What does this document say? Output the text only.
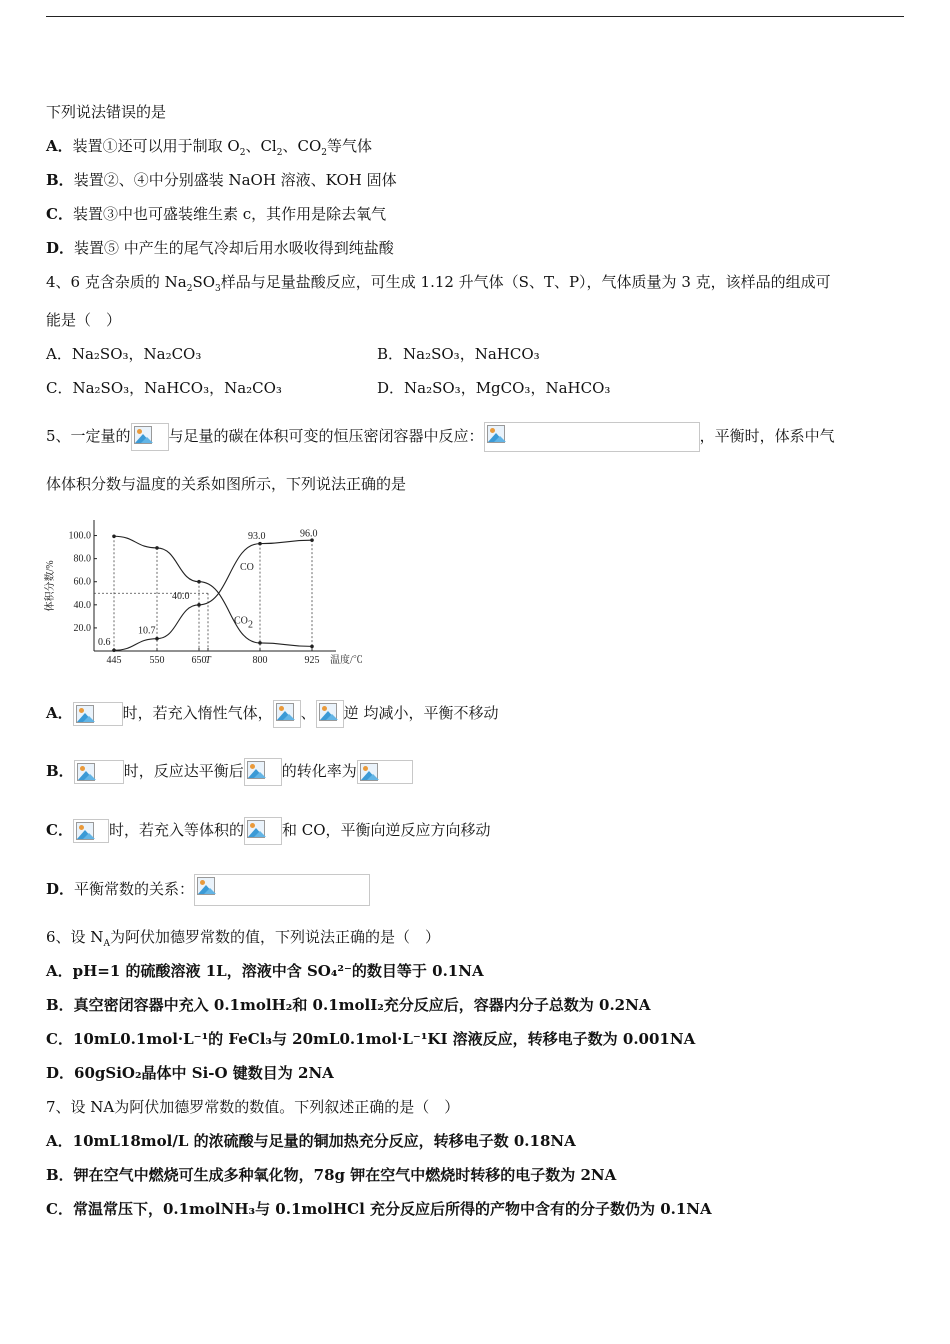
下列说法错误的是
A．装置①还可以用于制取 $O_2$、$Cl_2$、$CO_2$等气体
B．装置②、④中分别盛装 NaOH 溶液、KOH 固体
C．装置③中也可盛装维生素 c，其作用是除去氧气
D．装置⑤ 中产生的尾气冷却后用水吸收得到纯盐酸
4、6 克含杂质的 $Na_2SO_3$样品与足量盐酸反应，可生成 1.12 升气体（S、T、P），气体质量为 3 克，该样品的组成可
能是（　）
A．Na₂SO₃，Na₂CO₃	B．Na₂SO₃，NaHCO₃
C．Na₂SO₃，NaHCO₃，Na₂CO₃	D．Na₂SO₃，MgCO₃，NaHCO₃
5、一定量的	与足量的碳在体积可变的恒压密闭容器中反应：	，平衡时，体系中气
体体积分数与温度的关系如图所示，下列说法正确的是
100.0
80.0
60.0
40.0
20.0
445	550	650
T	800	925 温度/℃
体积分数/%	CO
CO 2
0.6
10.7
40.0
93.0	96.0
A．	时，若充入惰性气体， 、 逆 均减小，平衡不移动
B．	时，反应达平衡后	的转化率为
C． 时，若充入等体积的	和 CO，平衡向逆反应方向移动
D．平衡常数的关系：
6、设 $N_A$为阿伏加德罗常数的值，下列说法正确的是（　）
A．pH=1 的硫酸溶液 1L，溶液中含 SO₄²⁻的数目等于 0.1NA
B．真空密闭容器中充入 0.1molH₂和 0.1molI₂充分反应后，容器内分子总数为 0.2NA
C．10mL0.1mol·L⁻¹的 FeCl₃与 20mL0.1mol·L⁻¹KI 溶液反应，转移电子数为 0.001NA
D．60gSiO₂晶体中 Si-O 键数目为 2NA
7、设 NA为阿伏加德罗常数的数值。下列叙述正确的是（　）
A．10mL18mol/L 的浓硫酸与足量的铜加热充分反应，转移电子数 0.18NA
B．钾在空气中燃烧可生成多种氧化物，78g 钾在空气中燃烧时转移的电子数为 2NA
C．常温常压下，0.1molNH₃与 0.1molHCl 充分反应后所得的产物中含有的分子数仍为 0.1NA
